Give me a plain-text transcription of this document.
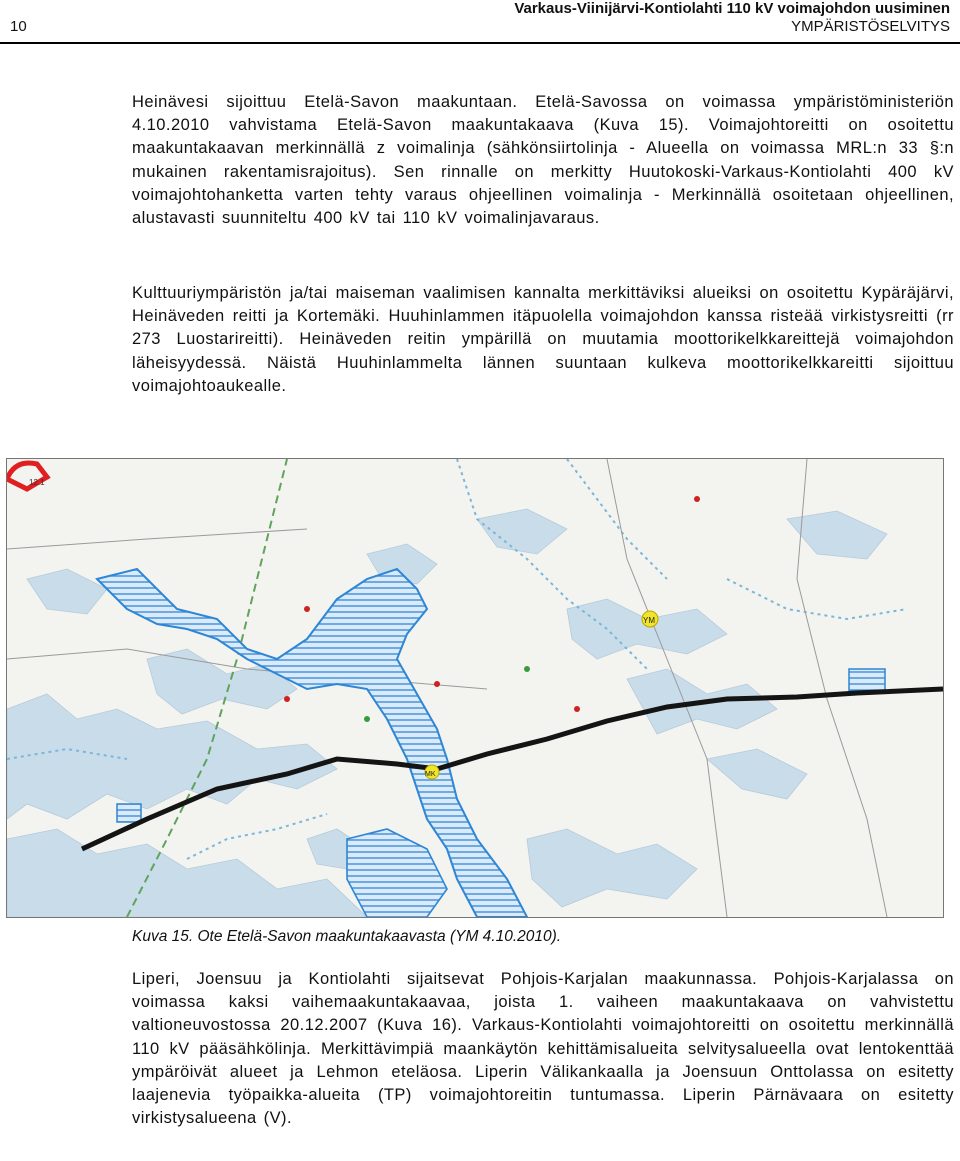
10
Varkaus-Viinijärvi-Kontiolahti 110 kV voimajohdon uusiminen
YMPÄRISTÖSELVITYS
Heinävesi sijoittuu Etelä-Savon maakuntaan. Etelä-Savossa on voimassa ympäristöministeriön 4.10.2010 vahvistama Etelä-Savon maakuntakaava (Kuva 15). Voimajohtoreitti on osoitettu maakuntakaavan merkinnällä z voimalinja (sähkönsiirtolinja - Alueella on voimassa MRL:n 33 §:n mukainen rakentamisrajoitus). Sen rinnalle on merkitty Huutokoski-Varkaus-Kontiolahti 400 kV voimajohtohanketta varten tehty varaus ohjeellinen voimalinja - Merkinnällä osoitetaan ohjeellinen, alustavasti suunniteltu 400 kV tai 110 kV voimalinjavaraus.
Kulttuuriympäristön ja/tai maiseman vaalimisen kannalta merkittäviksi alueiksi on osoitettu Kypäräjärvi, Heinäveden reitti ja Kortemäki. Huuhinlammen itäpuolella voimajohdon kanssa risteää virkistysreitti (rr 273 Luostarireitti). Heinäveden reitin ympärillä on muutamia moottorikelkkareittejä voimajohdon läheisyydessä. Näistä Huuhinlammelta lännen suuntaan kulkeva moottorikelkkareitti sijoittuu voimajohtoaukealle.
12.1
YM
MK
Kuva 15. Ote Etelä-Savon maakuntakaavasta (YM 4.10.2010).
Liperi, Joensuu ja Kontiolahti sijaitsevat Pohjois-Karjalan maakunnassa. Pohjois-Karjalassa on voimassa kaksi vaihemaakuntakaavaa, joista 1. vaiheen maakuntakaava on vahvistettu valtioneuvostossa 20.12.2007 (Kuva 16). Varkaus-Kontiolahti voimajohtoreitti on osoitettu merkinnällä 110 kV pääsähkölinja. Merkittävimpiä maankäytön kehittämisalueita selvitysalueella ovat lentokenttää ympäröivät alueet ja Lehmon eteläosa. Liperin Välikankaalla ja Joensuun Onttolassa on esitetty laajenevia työpaikka-alueita (TP) voimajohtoreitin tuntumassa. Liperin Pärnävaara on esitetty virkistysalueena (V).
